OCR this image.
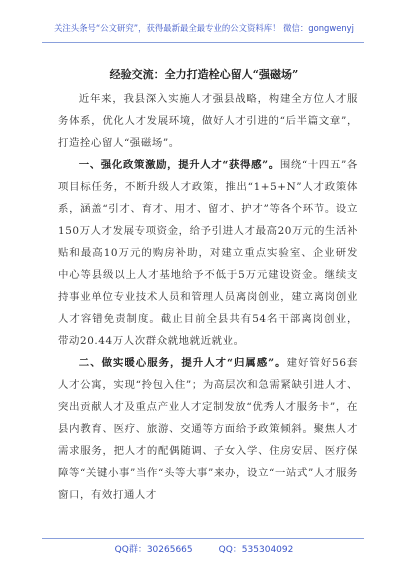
关注头条号“公文研究”，获得最新最全最专业的公文资料库！ 微信：gongwenyj
经验交流：全力打造栓心留人“强磁场”

近年来，我县深入实施人才强县战略，构建全方位人才服务体系，优化人才发展环境，做好人才引进的“后半篇文章”，打造拴心留人“强磁场”。

一、强化政策激励，提升人才“获得感”。围绕“十四五”各项目标任务，不断升级人才政策，推出“1+5+N”人才政策体系，涵盖“引才、育才、用才、留才、护才”等各个环节。设立150万人才发展专项资金，给予引进人才最高20万元的生活补贴和最高10万元的购房补助，对建立重点实验室、企业研发中心等县级以上人才基地给予不低于5万元建设资金。继续支持事业单位专业技术人员和管理人员离岗创业，建立离岗创业人才容错免责制度。截止目前全县共有54名干部离岗创业，带动20.44万人次群众就地就近就业。

二、做实暖心服务，提升人才“归属感”。建好管好56套人才公寓，实现“拎包入住”；为高层次和急需紧缺引进人才、突出贡献人才及重点产业人才定制发放“优秀人才服务卡”，在县内教育、医疗、旅游、交通等方面给予政策倾斜。聚焦人才需求服务，把人才的配偶随调、子女入学、住房安居、医疗保障等“关键小事”当作“头等大事”来办，设立“一站式”人才服务窗口，有效打通人才

QQ群：30265665	QQ：535304092
